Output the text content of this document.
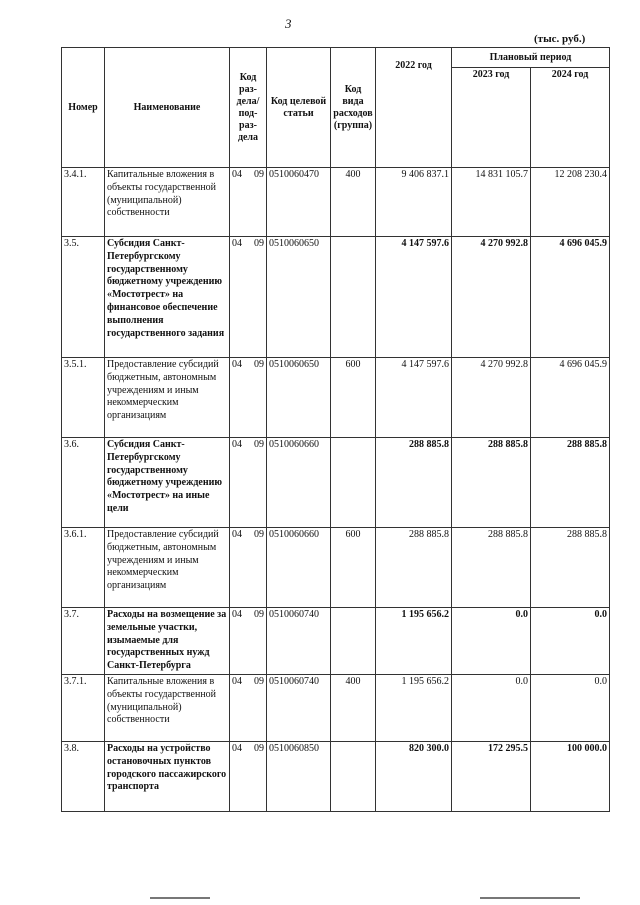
3
(тыс. руб.)
Номер	Наименование	Код раз- дела/ под- раз- дела	Код целевой статьи	Код вида расходов (группа)	2022 год	Плановый период	
						2023 год	2024 год
3.4.1.	Капитальные вложения в объекты государственной (муниципальной) собственности	04 09	0510060470	400	9 406 837.1	14 831 105.7	12 208 230.4
3.5.	Субсидия Санкт-Петербургскому государственному бюджетному учреждению «Мостотрест» на финансовое обеспечение выполнения государственного задания	04 09	0510060650		4 147 597.6	4 270 992.8	4 696 045.9
3.5.1.	Предоставление субсидий бюджетным, автономным учреждениям и иным некоммерческим организациям	04 09	0510060650	600	4 147 597.6	4 270 992.8	4 696 045.9
3.6.	Субсидия Санкт-Петербургскому государственному бюджетному учреждению «Мостотрест» на иные цели	04 09	0510060660		288 885.8	288 885.8	288 885.8
3.6.1.	Предоставление субсидий бюджетным, автономным учреждениям и иным некоммерческим организациям	04 09	0510060660	600	288 885.8	288 885.8	288 885.8
3.7.	Расходы на возмещение за земельные участки, изымаемые для государственных нужд Санкт-Петербурга	04 09	0510060740		1 195 656.2	0.0	0.0
3.7.1.	Капитальные вложения в объекты государственной (муниципальной) собственности	04 09	0510060740	400	1 195 656.2	0.0	0.0
3.8.	Расходы на устройство остановочных пунктов городского пассажирского транспорта	04 09	0510060850		820 300.0	172 295.5	100 000.0
